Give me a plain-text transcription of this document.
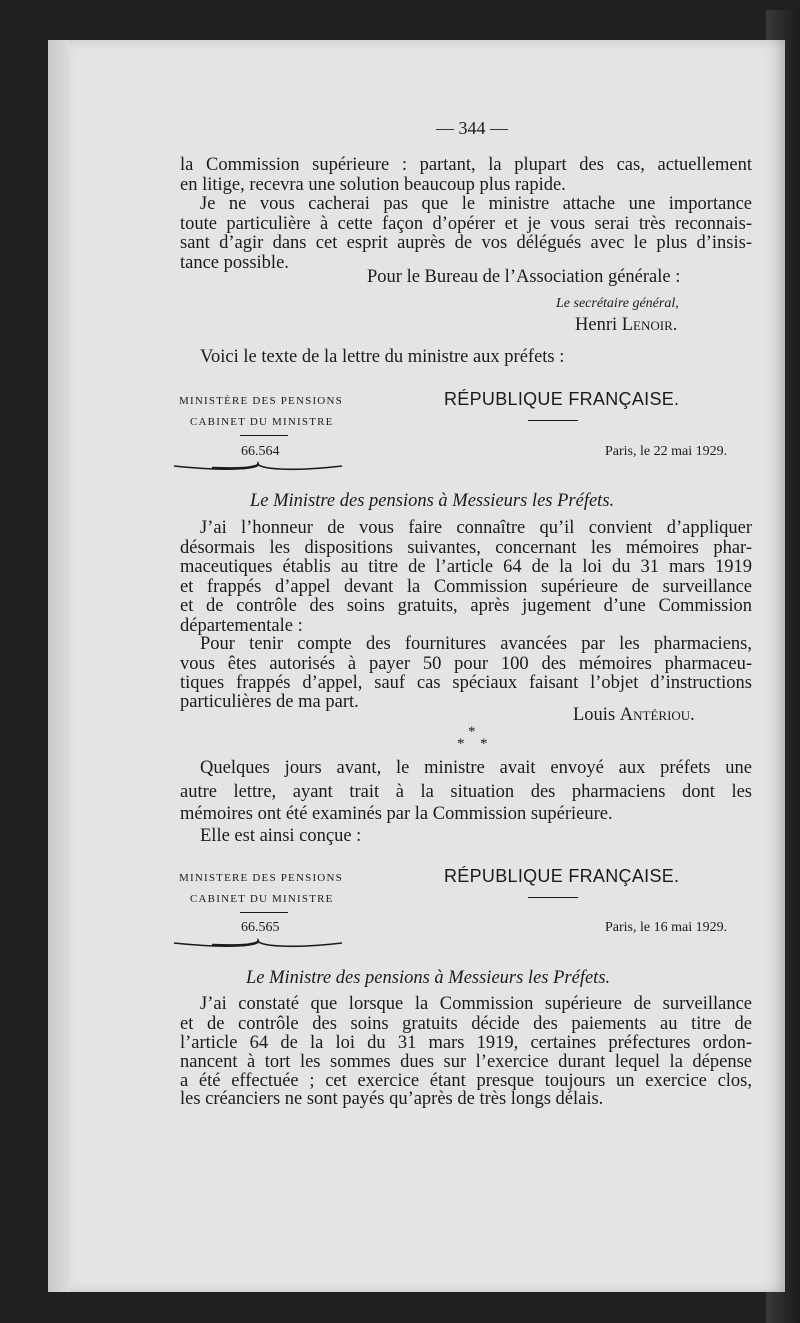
— 344 —
la Commission supérieure : partant, la plupart des cas, actuellement
en litige, recevra une solution beaucoup plus rapide.
Je ne vous cacherai pas que le ministre attache une importance
toute particulière à cette façon d’opérer et je vous serai très reconnais-
sant d’agir dans cet esprit auprès de vos délégués avec le plus d’insis-
tance possible.
Pour le Bureau de l’Association générale :
Le secrétaire général,
Henri Lenoir.
Voici le texte de la lettre du ministre aux préfets :
MINISTÈRE DES PENSIONS
CABINET DU MINISTRE
66.564
RÉPUBLIQUE FRANÇAISE.
Paris, le 22 mai 1929.
Le Ministre des pensions à Messieurs les Préfets.
J’ai l’honneur de vous faire connaître qu’il convient d’appliquer
désormais les dispositions suivantes, concernant les mémoires phar-
maceutiques établis au titre de l’article 64 de la loi du 31 mars 1919
et frappés d’appel devant la Commission supérieure de surveillance
et de contrôle des soins gratuits, après jugement d’une Commission
départementale :
Pour tenir compte des fournitures avancées par les pharmaciens,
vous êtes autorisés à payer 50 pour 100 des mémoires pharmaceu-
tiques frappés d’appel, sauf cas spéciaux faisant l’objet d’instructions
particulières de ma part.
Louis Antériou.
*
* *
Quelques jours avant, le ministre avait envoyé aux préfets une
autre lettre, ayant trait à la situation des pharmaciens dont les
mémoires ont été examinés par la Commission supérieure.
Elle est ainsi conçue :
MINISTERE DES PENSIONS
CABINET DU MINISTRE
66.565
RÉPUBLIQUE FRANÇAISE.
Paris, le 16 mai 1929.
Le Ministre des pensions à Messieurs les Préfets.
J’ai constaté que lorsque la Commission supérieure de surveillance
et de contrôle des soins gratuits décide des paiements au titre de
l’article 64 de la loi du 31 mars 1919, certaines préfectures ordon-
nancent à tort les sommes dues sur l’exercice durant lequel la dépense
a été effectuée ; cet exercice étant presque toujours un exercice clos,
les créanciers ne sont payés qu’après de très longs délais.
